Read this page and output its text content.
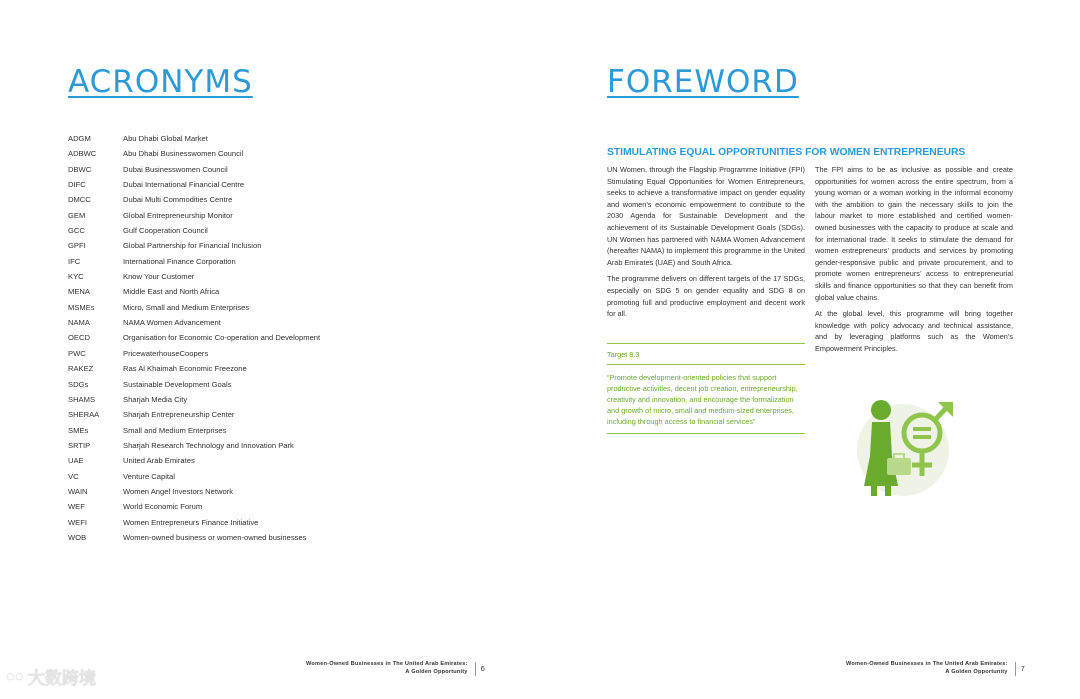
ACRONYMS
ADGM	Abu Dhabi Global Market
ADBWC	Abu Dhabi Businesswomen Council
DBWC	Dubai Businesswomen Council
DIFC	Dubai International Financial Centre
DMCC	Dubai Multi Commodities Centre
GEM	Global Entrepreneurship Monitor
GCC	Gulf Cooperation Council
GPFI	Global Partnership for Financial Inclusion
IFC	International Finance Corporation
KYC	Know Your Customer
MENA	Middle East and North Africa
MSMEs	Micro, Small and Medium Enterprises
NAMA	NAMA Women Advancement
OECD	Organisation for Economic Co-operation and Development
PWC	PricewaterhouseCoopers
RAKEZ	Ras Al Khaimah Economic Freezone
SDGs	Sustainable Development Goals
SHAMS	Sharjah Media City
SHERAA	Sharjah Entrepreneurship Center
SMEs	Small and Medium Enterprises
SRTIP	Sharjah Research Technology and Innovation Park
UAE	United Arab Emirates
VC	Venture Capital
WAIN	Women Angel Investors Network
WEF	World Economic Forum
WEFI	Women Entrepreneurs Finance Initiative
WOB	Women-owned business or women-owned businesses
Women-Owned Businesses in The United Arab Emirates:
A Golden Opportunity 6
◌◌ 大数跨境
FOREWORD
STIMULATING EQUAL OPPORTUNITIES FOR WOMEN ENTREPRENEURS

UN Women, through the Flagship Programme Initiative (FPI) Stimulating Equal Opportunities for Women Entrepreneurs, seeks to achieve a transformative impact on gender equality and women’s economic empowerment to contribute to the 2030 Agenda for Sustainable Development and the achievement of its Sustainable Development Goals (SDGs). UN Women has partnered with NAMA Women Advancement (hereafter NAMA) to implement this programme in the United Arab Emirates (UAE) and South Africa.

The programme delivers on different targets of the 17 SDGs, especially on SDG 5 on gender equality and SDG 8 on promoting full and productive employment and decent work for all.

Target 8.3
“Promote development-oriented policies that support productive activities, decent job creation, entrepreneurship, creativity and innovation, and encourage the formalization and growth of micro, small and medium-sized enterprises, including through access to financial services”

The FPI aims to be as inclusive as possible and create opportunities for women across the entire spectrum, from a young woman or a woman working in the informal economy with the ambition to gain the necessary skills to join the labour market to more established and certified women-owned businesses with the capacity to produce at scale and for international trade. It seeks to stimulate the demand for women entrepreneurs’ products and services by promoting gender-responsive public and private procurement, and to promote women entrepreneurs’ access to entrepreneurial skills and finance opportunities so that they can benefit from global value chains.

At the global level, this programme will bring together knowledge with policy advocacy and technical assistance, and by leveraging platforms such as the Women’s Empowerment Principles.

Women-Owned Businesses in The United Arab Emirates:
A Golden Opportunity 7
